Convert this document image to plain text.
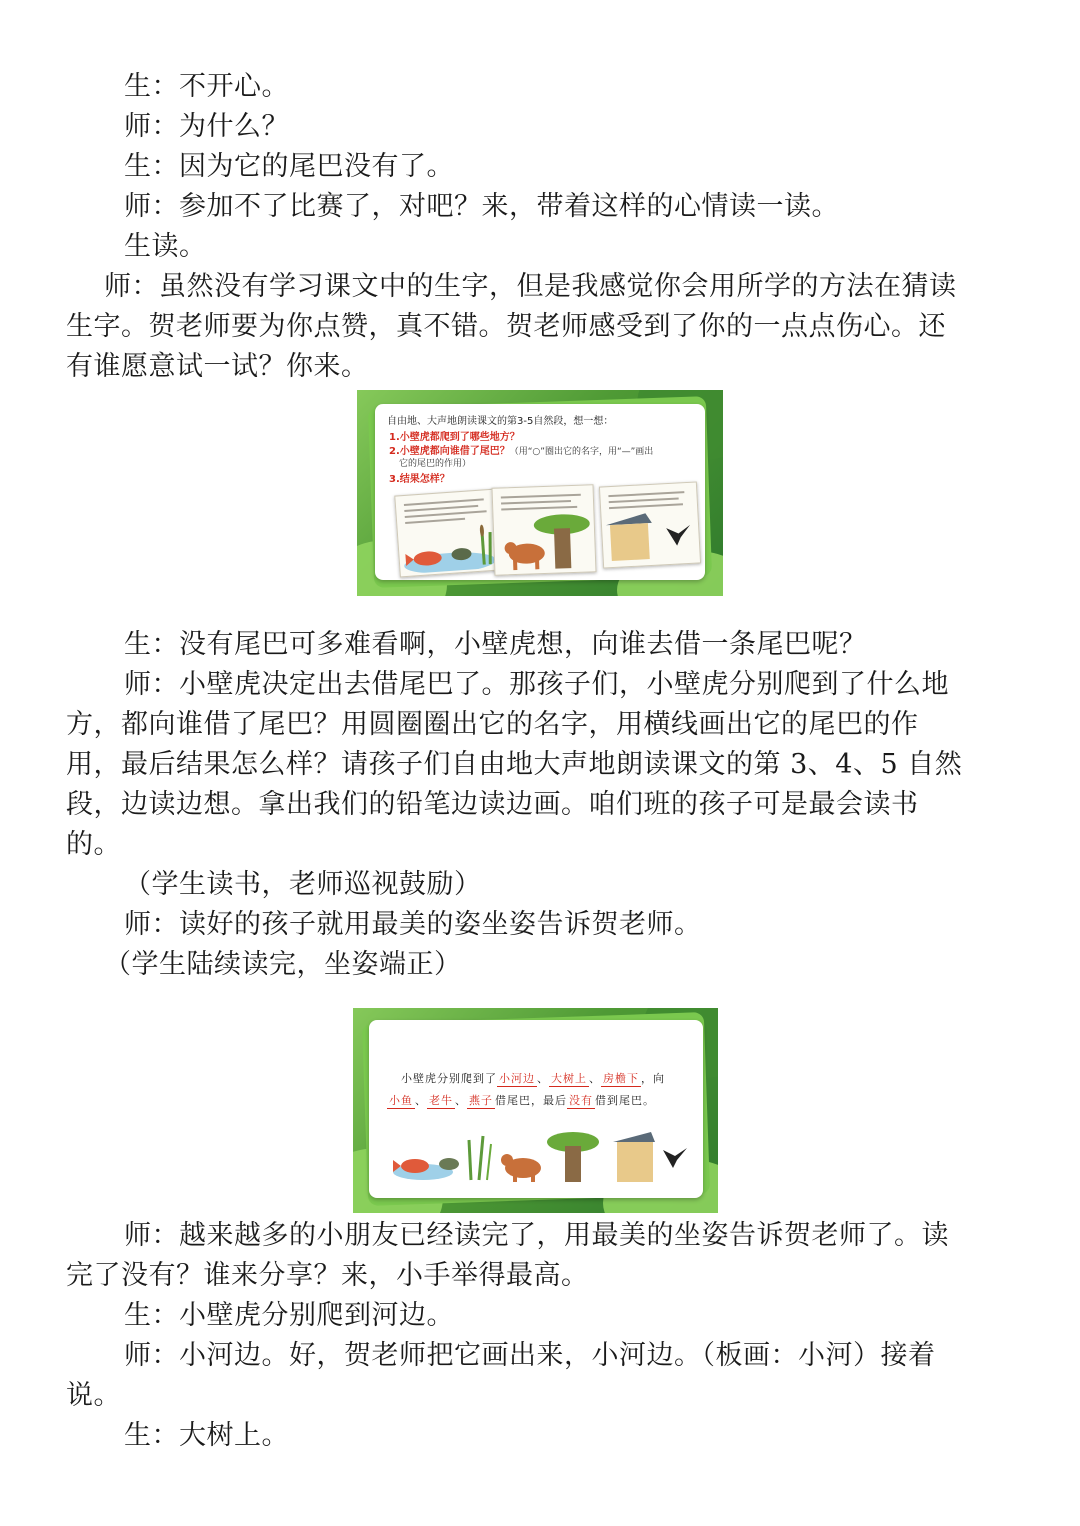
生：不开心。
师：为什么？
生：因为它的尾巴没有了。
师：参加不了比赛了，对吧？来，带着这样的心情读一读。
生读。
师：虽然没有学习课文中的生字，但是我感觉你会用所学的方法在猜读
生字。贺老师要为你点赞，真不错。贺老师感受到了你的一点点伤心。还
有谁愿意试一试？你来。
自由地、大声地朗读课文的第3-5自然段，想一想：
1.小壁虎都爬到了哪些地方？
2.小壁虎都向谁借了尾巴？（用“○”圈出它的名字，用“—”画出
它的尾巴的作用）
3.结果怎样？
生：没有尾巴可多难看啊，小壁虎想，向谁去借一条尾巴呢？
师：小壁虎决定出去借尾巴了。那孩子们，小壁虎分别爬到了什么地
方，都向谁借了尾巴？用圆圈圈出它的名字，用横线画出它的尾巴的作
用，最后结果怎么样？请孩子们自由地大声地朗读课文的第 3、4、5 自然
段，边读边想。拿出我们的铅笔边读边画。咱们班的孩子可是最会读书
的。
（学生读书，老师巡视鼓励）
师：读好的孩子就用最美的姿坐姿告诉贺老师。
（学生陆续读完，坐姿端正）
小壁虎分别爬到了 小河边 、 大树上 、 房檐下 ，向
小鱼 、 老牛 、 燕子 借尾巴，最后 没有 借到尾巴。
师：越来越多的小朋友已经读完了，用最美的坐姿告诉贺老师了。读
完了没有？谁来分享？来，小手举得最高。
生：小壁虎分别爬到河边。
师：小河边。好，贺老师把它画出来，小河边。（板画：小河）接着
说。
生：大树上。
